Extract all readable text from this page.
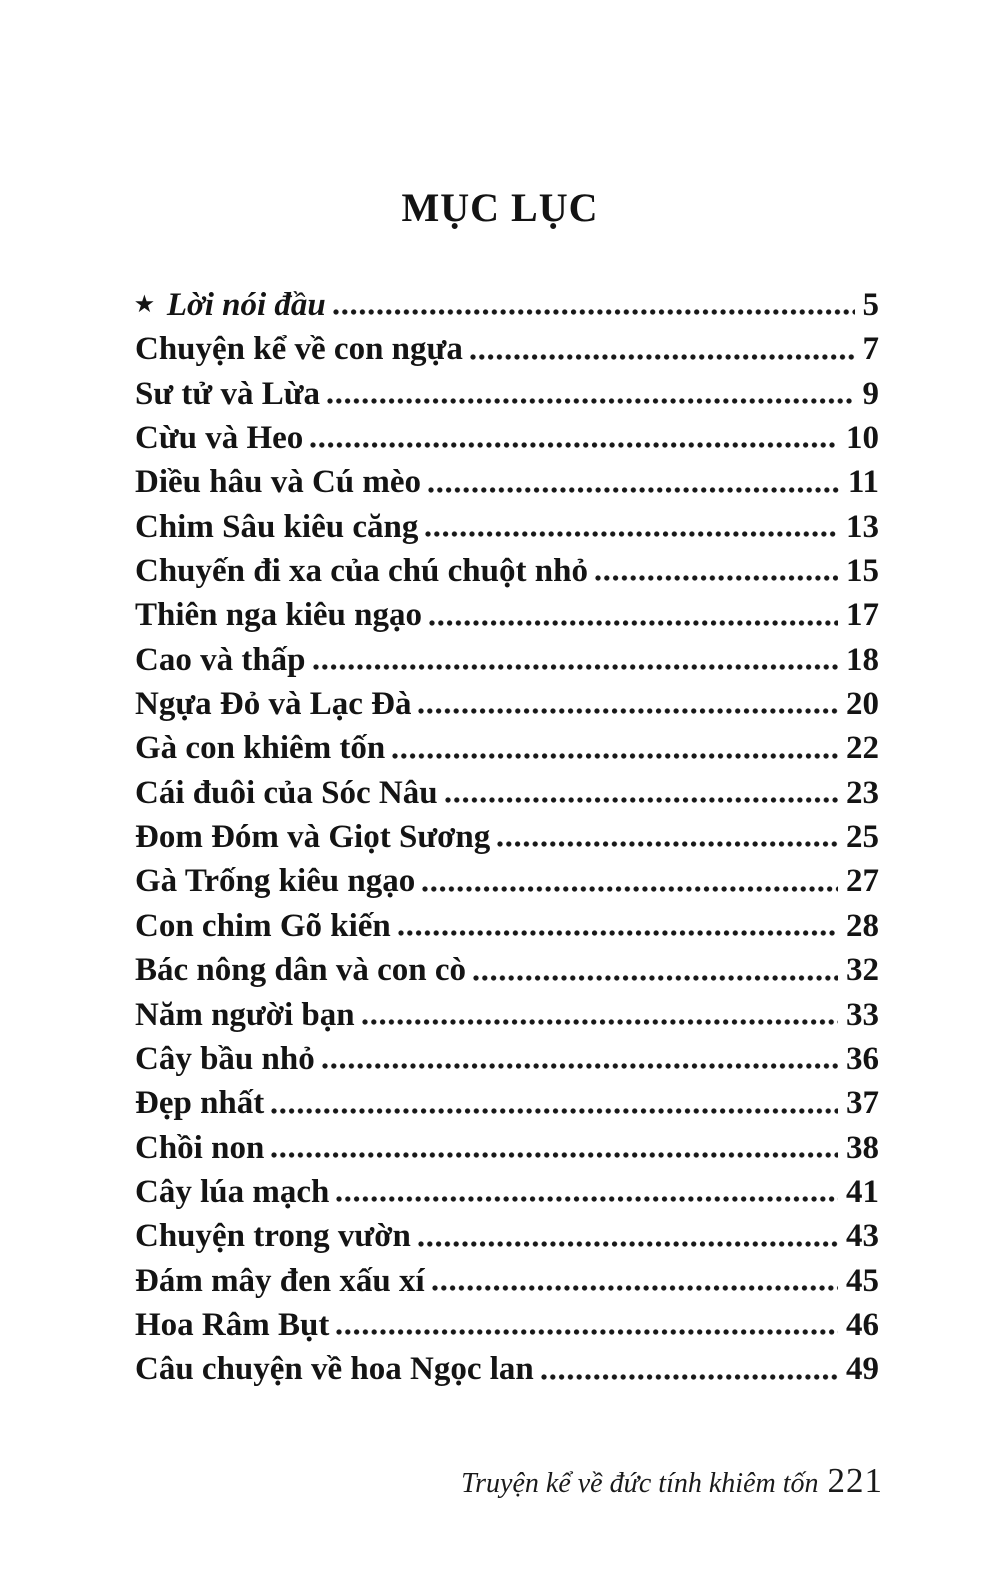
MỤC LỤC
★ Lời nói đầu	5
Chuyện kể về con ngựa	7
Sư tử và Lừa	9
Cừu và Heo	10
Diều hâu và Cú mèo	11
Chim Sâu kiêu căng	13
Chuyến đi xa của chú chuột nhỏ	15
Thiên nga kiêu ngạo	17
Cao và thấp	18
Ngựa Đỏ và Lạc Đà	20
Gà con khiêm tốn	22
Cái đuôi của Sóc Nâu	23
Đom Đóm và Giọt Sương	25
Gà Trống kiêu ngạo	27
Con chim Gõ kiến	28
Bác nông dân và con cò	32
Năm người bạn	33
Cây bầu nhỏ	36
Đẹp nhất	37
Chồi non	38
Cây lúa mạch	41
Chuyện trong vườn	43
Đám mây đen xấu xí	45
Hoa Râm Bụt	46
Câu chuyện về hoa Ngọc lan	49
Truyện kể về đức tính khiêm tốn 221
